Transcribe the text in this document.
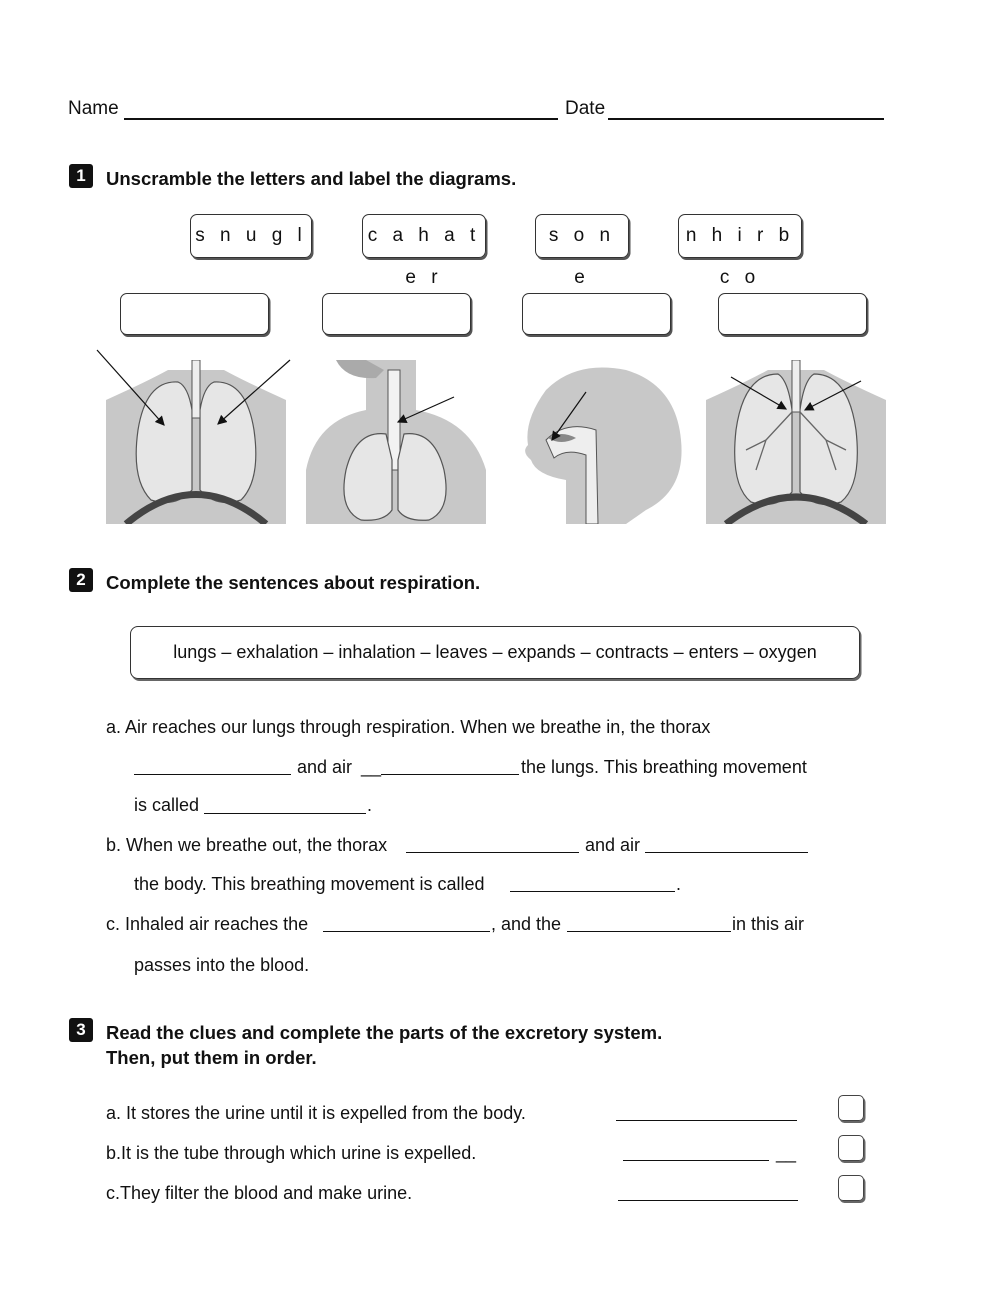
Name	Date
1	Unscramble the letters and label the diagrams.
s n u g l	c a h a t e r
s o n e
n h i r b c o
2	Complete the sentences about respiration.
lungs – exhalation – inhalation – leaves – expands – contracts – enters – oxygen
a. Air reaches our lungs through respiration. When we breathe in, the thorax
and air __	the lungs. This breathing movement
is called	.
b. When we breathe out, the thorax	and air
the body. This breathing movement is called	.
c. Inhaled air reaches the	, and the	in this air
passes into the blood.
3	Read the clues and complete the parts of the excretory system.
Then, put them in order.
a. It stores the urine until it is expelled from the body.
b.It is the tube through which urine is expelled.	__
c.They filter the blood and make urine.
